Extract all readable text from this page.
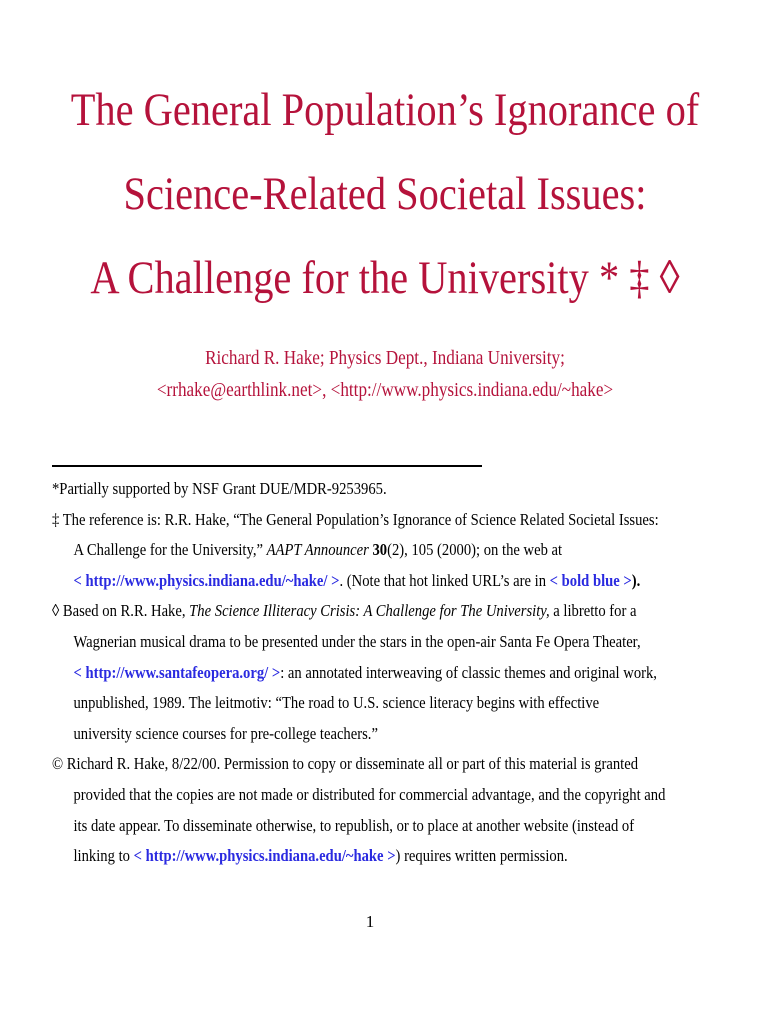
The General Population’s Ignorance of
Science-Related Societal Issues:
A Challenge for the University * ‡ ◊
Richard R. Hake; Physics Dept., Indiana University;
<rrhake@earthlink.net>, <http://www.physics.indiana.edu/~hake>
*Partially supported by NSF Grant DUE/MDR-9253965.
‡ The reference is: R.R. Hake, “The General Population’s Ignorance of Science Related Societal Issues:
A Challenge for the University,” AAPT Announcer 30(2), 105 (2000); on the web at
< http://www.physics.indiana.edu/~hake/ >. (Note that hot linked URL’s are in < bold blue >).
◊ Based on R.R. Hake, The Science Illiteracy Crisis: A Challenge for The University, a libretto for a
Wagnerian musical drama to be presented under the stars in the open-air Santa Fe Opera Theater,
< http://www.santafeopera.org/ >: an annotated interweaving of classic themes and original work,
unpublished, 1989. The leitmotiv: “The road to U.S. science literacy begins with effective
university science courses for pre-college teachers.”
© Richard R. Hake, 8/22/00. Permission to copy or disseminate all or part of this material is granted
provided that the copies are not made or distributed for commercial advantage, and the copyright and
its date appear. To disseminate otherwise, to republish, or to place at another website (instead of
linking to < http://www.physics.indiana.edu/~hake >) requires written permission.
1
